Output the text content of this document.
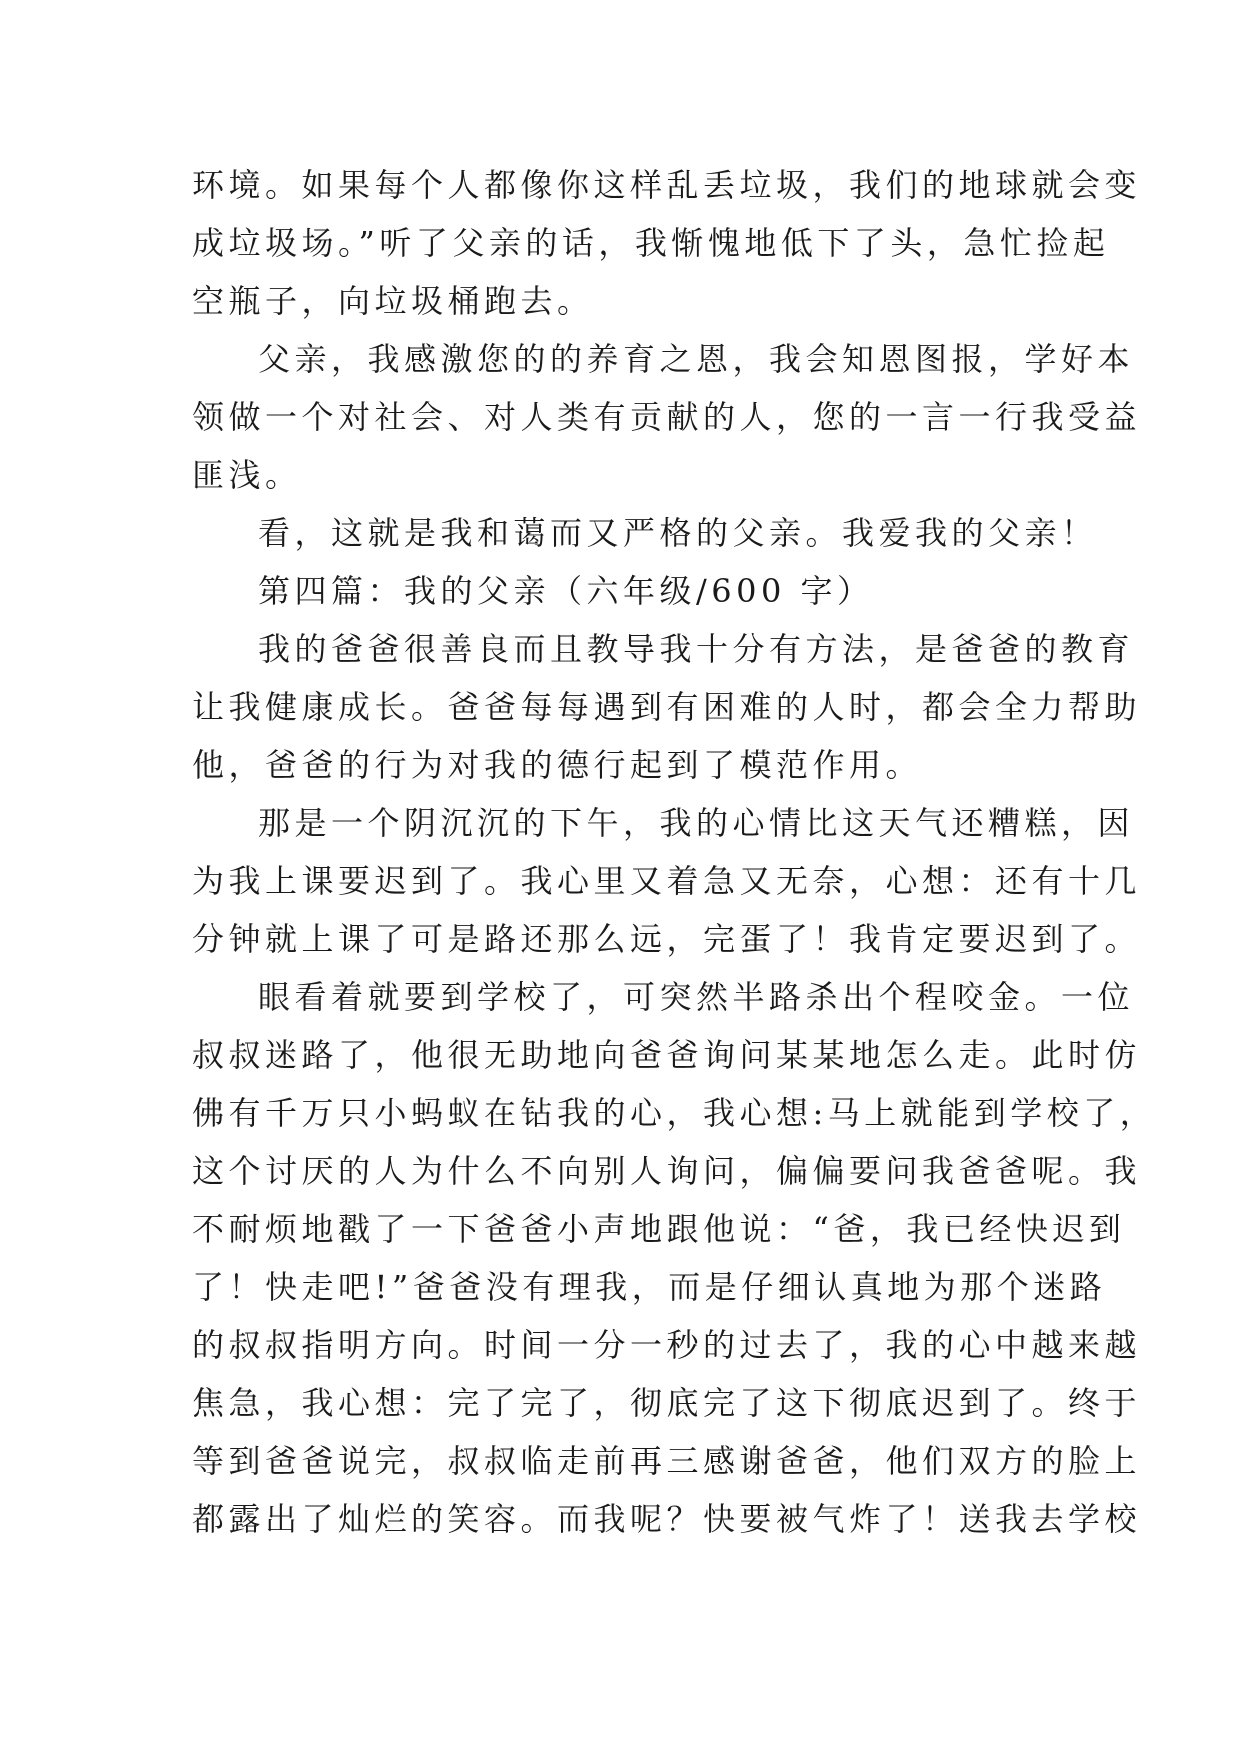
环境。如果每个人都像你这样乱丢垃圾，我们的地球就会变
成垃圾场。”听了父亲的话，我惭愧地低下了头，急忙捡起
空瓶子，向垃圾桶跑去。
父亲，我感激您的的养育之恩，我会知恩图报，学好本
领做一个对社会、对人类有贡献的人，您的一言一行我受益
匪浅。
看，这就是我和蔼而又严格的父亲。我爱我的父亲！
第四篇：我的父亲（六年级/600 字）
我的爸爸很善良而且教导我十分有方法，是爸爸的教育
让我健康成长。爸爸每每遇到有困难的人时，都会全力帮助
他，爸爸的行为对我的德行起到了模范作用。
那是一个阴沉沉的下午，我的心情比这天气还糟糕，因
为我上课要迟到了。我心里又着急又无奈，心想：还有十几
分钟就上课了可是路还那么远，完蛋了！我肯定要迟到了。
眼看着就要到学校了，可突然半路杀出个程咬金。一位
叔叔迷路了，他很无助地向爸爸询问某某地怎么走。此时仿
佛有千万只小蚂蚁在钻我的心，我心想:马上就能到学校了，
这个讨厌的人为什么不向别人询问，偏偏要问我爸爸呢。我
不耐烦地戳了一下爸爸小声地跟他说：“爸，我已经快迟到
了！快走吧!”爸爸没有理我，而是仔细认真地为那个迷路
的叔叔指明方向。时间一分一秒的过去了，我的心中越来越
焦急，我心想：完了完了，彻底完了这下彻底迟到了。终于
等到爸爸说完，叔叔临走前再三感谢爸爸，他们双方的脸上
都露出了灿烂的笑容。而我呢？快要被气炸了！送我去学校
